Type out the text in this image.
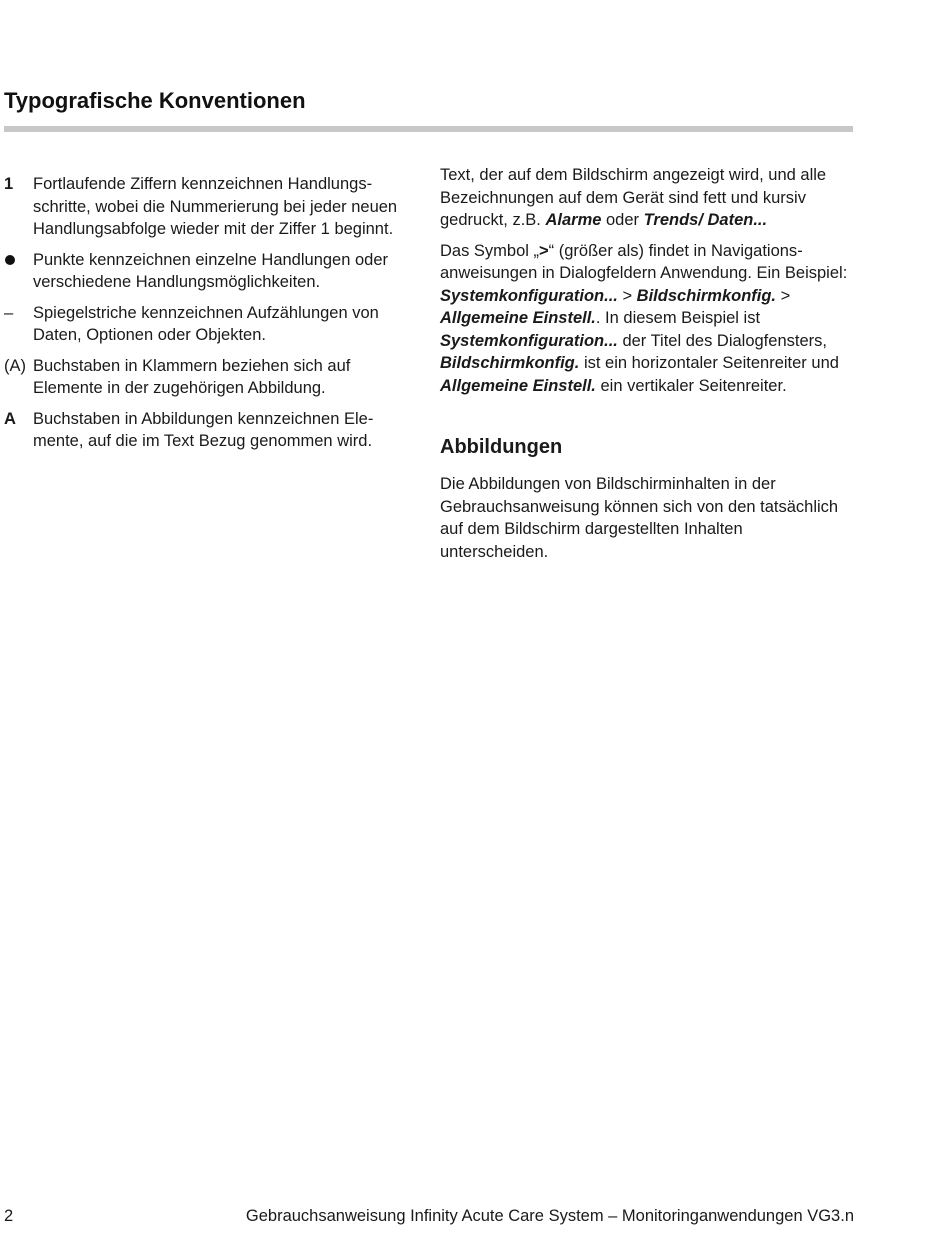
Typografische Konventionen
1	Fortlaufende Ziffern kennzeichnen Handlungsschritte, wobei die Nummerierung bei jeder neuen Handlungsabfolge wieder mit der Ziffer 1 beginnt.
Punkte kennzeichnen einzelne Handlungen oder verschiedene Handlungsmöglichkeiten.
–	Spiegelstriche kennzeichnen Aufzählungen von Daten, Optionen oder Objekten.
(A) Buchstaben in Klammern beziehen sich auf Elemente in der zugehörigen Abbildung.
A	Buchstaben in Abbildungen kennzeichnen Elemente, auf die im Text Bezug genommen wird.

Text, der auf dem Bildschirm angezeigt wird, und alle Bezeichnungen auf dem Gerät sind fett und kursiv gedruckt, z.B. Alarme oder Trends/ Daten...

Das Symbol „>“ (größer als) findet in Navigationsanweisungen in Dialogfeldern Anwendung. Ein Beispiel: Systemkonfiguration... > Bildschirmkonfig. > Allgemeine Einstell.. In diesem Beispiel ist Systemkonfiguration... der Titel des Dialogfensters, Bildschirmkonfig. ist ein horizontaler Seitenreiter und Allgemeine Einstell. ein vertikaler Seitenreiter.

Abbildungen

Die Abbildungen von Bildschirminhalten in der Gebrauchsanweisung können sich von den tatsächlich auf dem Bildschirm dargestellten Inhalten unterscheiden.

2	Gebrauchsanweisung Infinity Acute Care System – Monitoringanwendungen VG3.n
